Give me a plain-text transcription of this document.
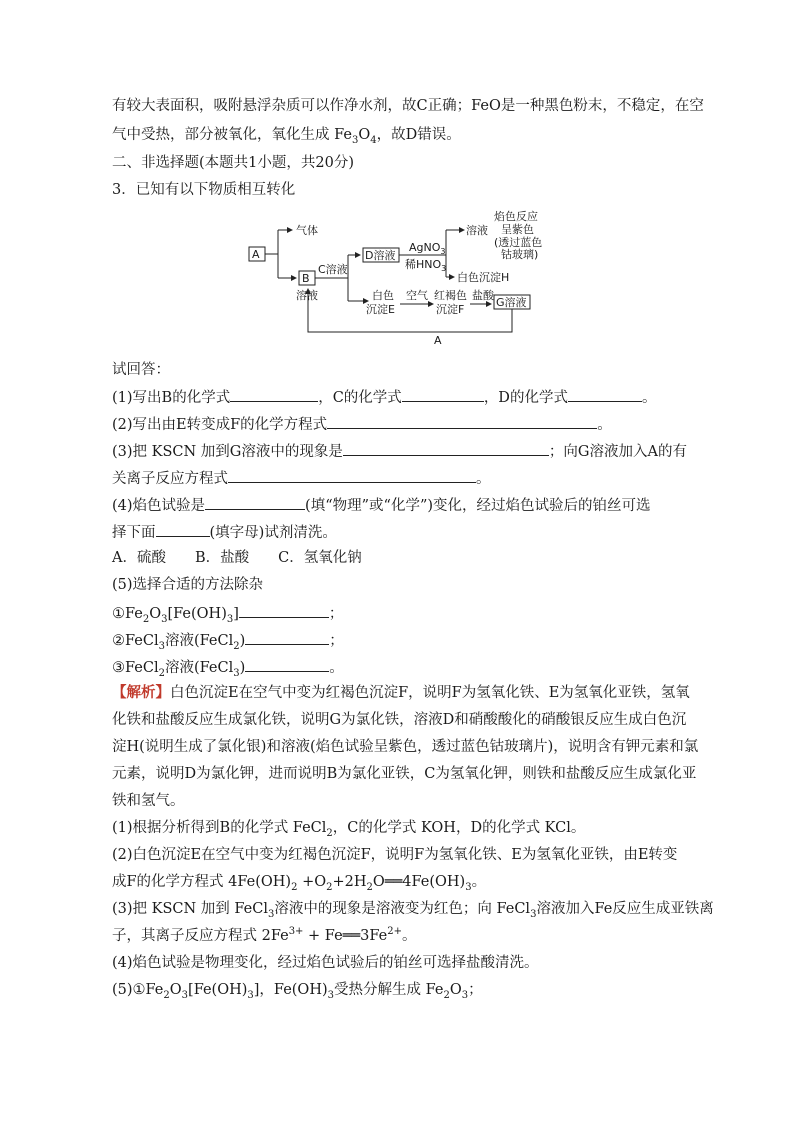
有较大表面积，吸附悬浮杂质可以作净水剂，故C正确；FeO是一种黑色粉末，不稳定，在空
气中受热，部分被氧化，氧化生成 $Fe_3O_4$，故D错误。
二、非选择题(本题共1小题，共20分)
3．已知有以下物质相互转化
A
气体
B
溶液
C溶液
D溶液
AgNO$_3$
稀$HNO_3$
溶液
焰色反应
呈紫色
(透过蓝色
钴玻璃)
白色沉淀H
白色
沉淀E
空气 红褐色
沉淀F
盐酸
G溶液
A
试回答：
(1)写出B的化学式	，C的化学式	，D的化学式	。
(2)写出由E转变成F的化学方程式	。
(3)把 KSCN 加到G溶液中的现象是	；向G溶液加入A的有
关离子反应方程式	。
(4)焰色试验是	(填“物理”或“化学”)变化，经过焰色试验后的铂丝可选
择下面	(填字母)试剂清洗。
A．硫酸　　B．盐酸　　C．氢氧化钠
(5)选择合适的方法除杂
$①Fe_2O_3[Fe(OH)_3]$	；
②FeCl$_3$溶液(FeCl$_2$)	；
③FeCl$_2$溶液(FeCl$_3$)	。
【解析】白色沉淀E在空气中变为红褐色沉淀F，说明F为氢氧化铁、E为氢氧化亚铁，氢氧
化铁和盐酸反应生成氯化铁，说明G为氯化铁，溶液D和硝酸酸化的硝酸银反应生成白色沉
淀H(说明生成了氯化银)和溶液(焰色试验呈紫色，透过蓝色钴玻璃片)，说明含有钾元素和氯
元素，说明D为氯化钾，进而说明B为氯化亚铁，C为氢氧化钾，则铁和盐酸反应生成氯化亚
铁和氢气。
(1)根据分析得到B的化学式 FeCl$_2$，C的化学式 KOH，D的化学式 KCl。
(2)白色沉淀E在空气中变为红褐色沉淀F，说明F为氢氧化铁、E为氢氧化亚铁，由E转变
成F的化学方程式 $4Fe(OH)_2$ $+O_2+2H_2O══4Fe(OH)_3$。
(3)把 KSCN 加到 FeCl$_3$溶液中的现象是溶液变为红色；向 FeCl$_3$溶液加入Fe反应生成亚铁离
子，其离子反应方程式 $2Fe^{3+}$ + $Fe══3Fe^{2+}$。
(4)焰色试验是物理变化，经过焰色试验后的铂丝可选择盐酸清洗。
$(5)①Fe_2O_3[Fe(OH)_3]$，$Fe(OH)_3$受热分解生成 $Fe_2O_3$；
